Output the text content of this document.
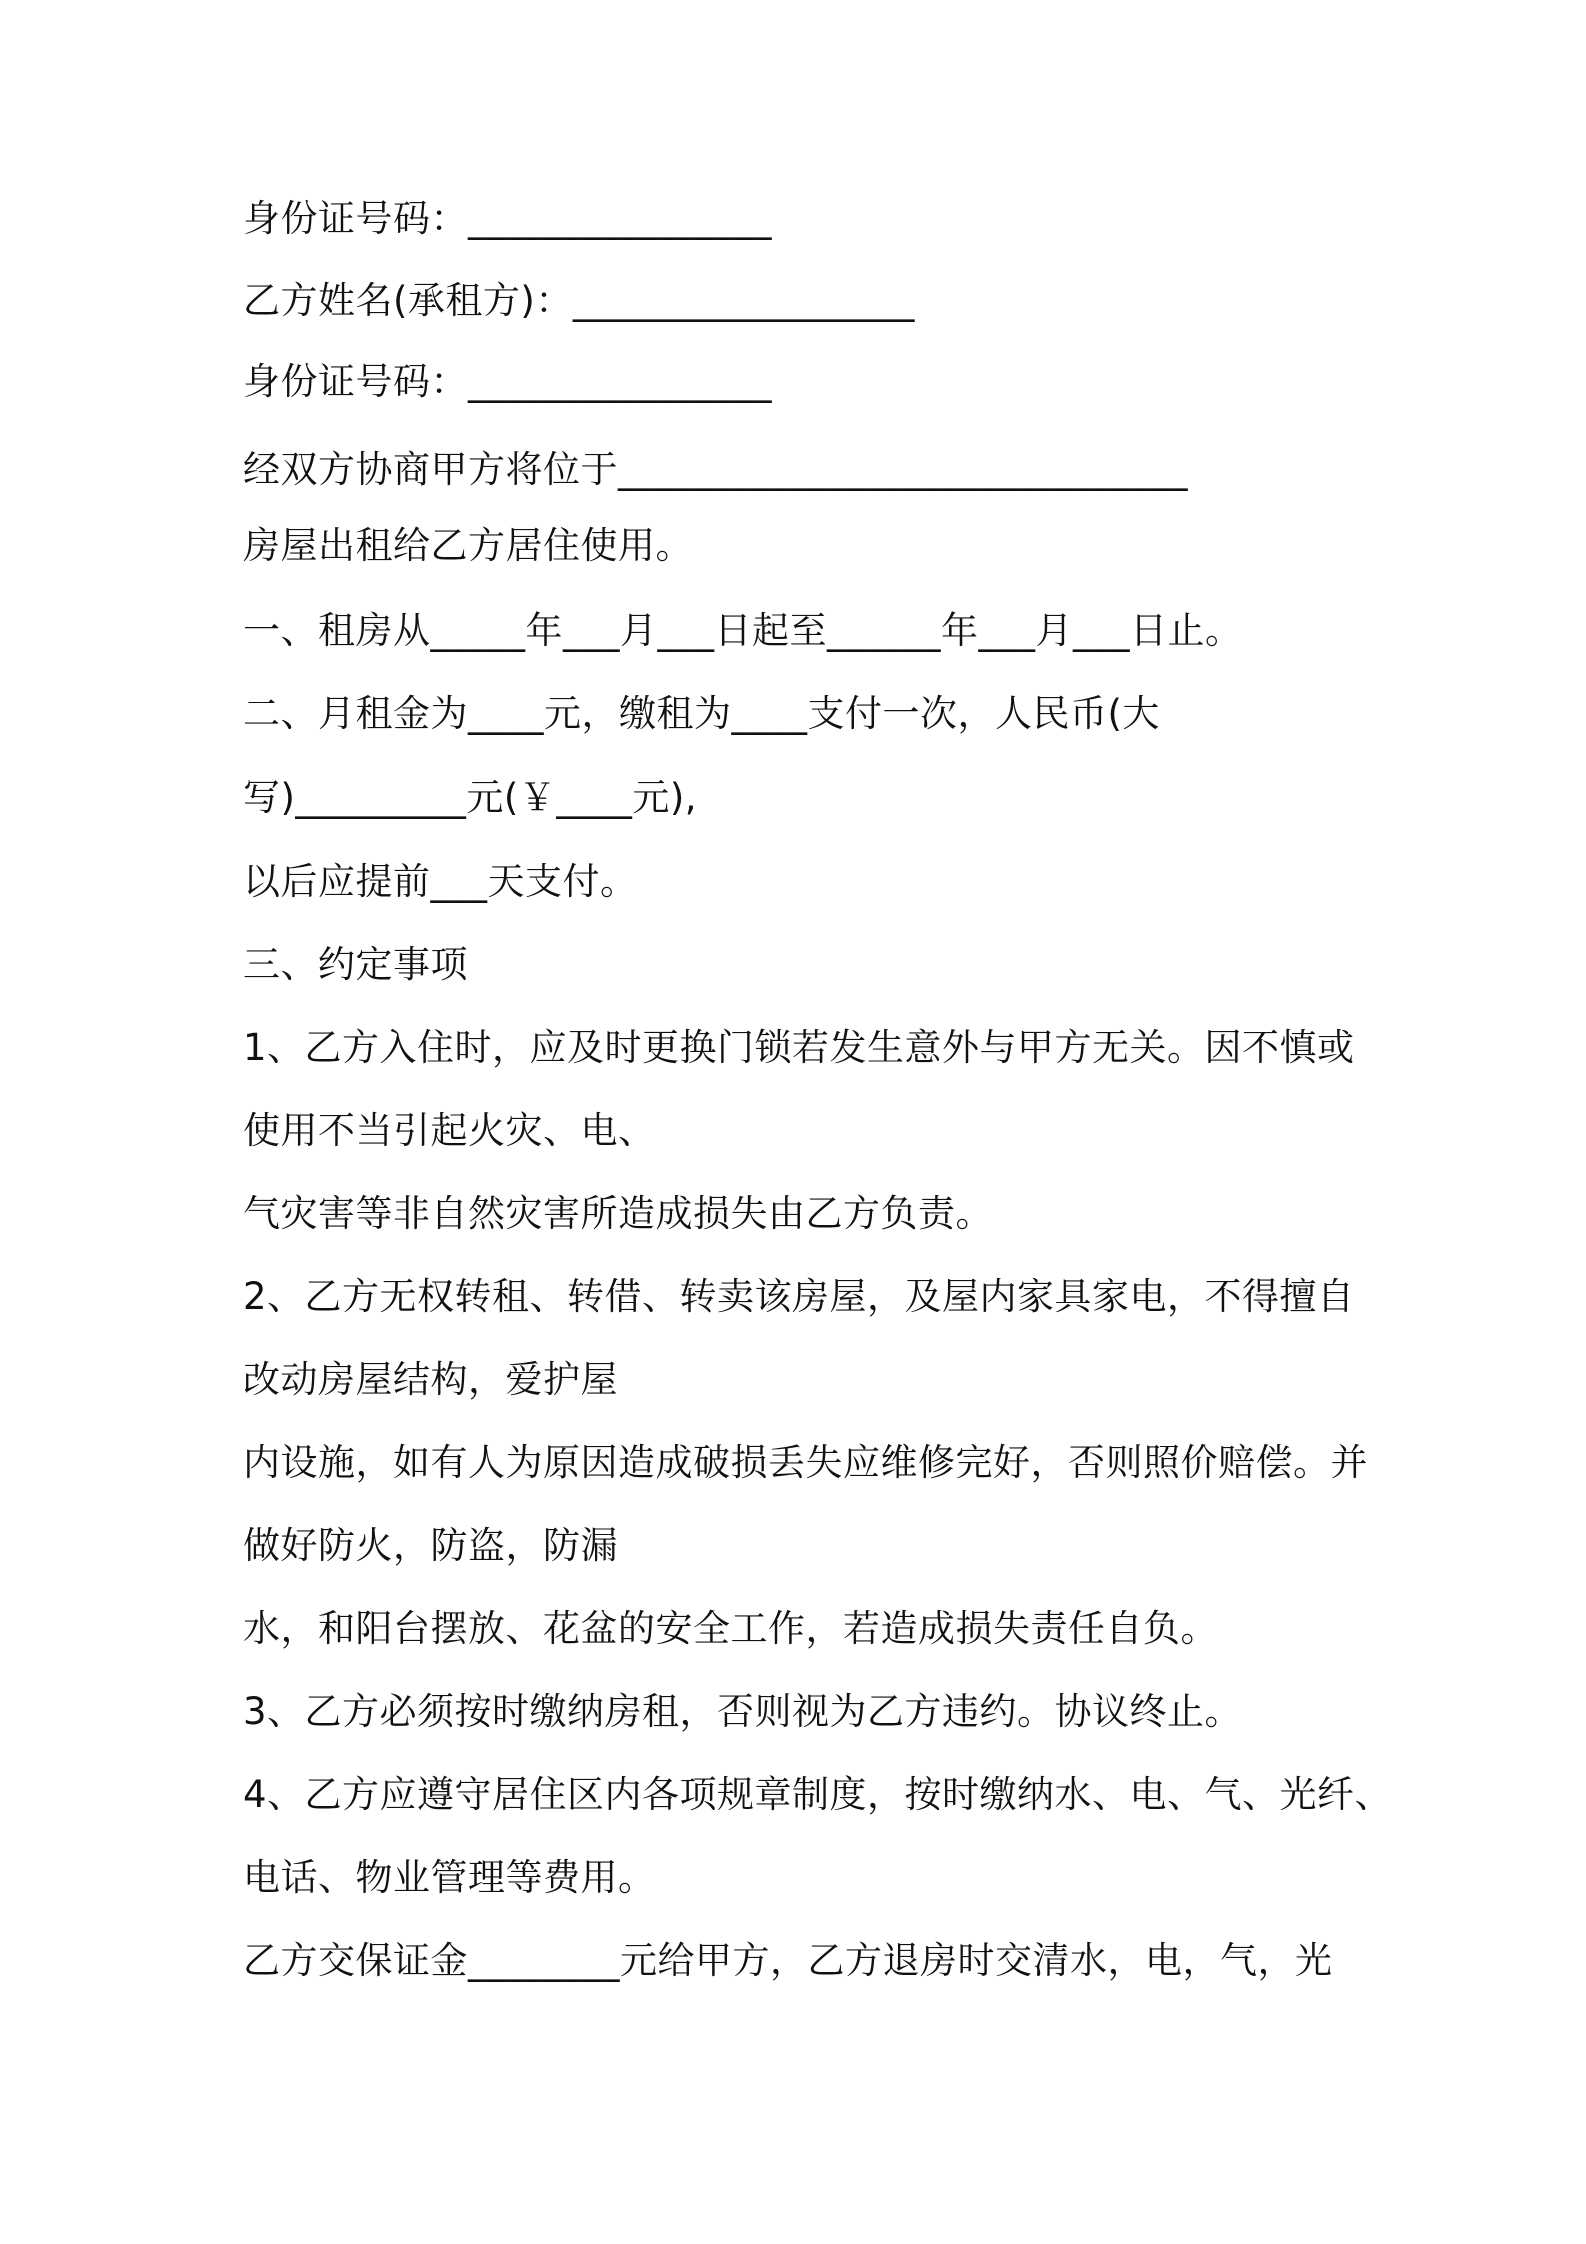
身份证号码：________________
乙方姓名(承租方)：__________________
身份证号码：________________
经双方协商甲方将位于______________________________
房屋出租给乙方居住使用。
一、租房从_____年___月___日起至______年___月___日止。
二、月租金为____元，缴租为____支付一次，人民币(大
写)_________元(￥____元),
以后应提前___天支付。
三、约定事项
1、乙方入住时，应及时更换门锁若发生意外与甲方无关。因不慎或
使用不当引起火灾、电、
气灾害等非自然灾害所造成损失由乙方负责。
2、乙方无权转租、转借、转卖该房屋，及屋内家具家电，不得擅自
改动房屋结构，爱护屋
内设施，如有人为原因造成破损丢失应维修完好，否则照价赔偿。并
做好防火，防盗，防漏
水，和阳台摆放、花盆的安全工作，若造成损失责任自负。
3、乙方必须按时缴纳房租，否则视为乙方违约。协议终止。
4、乙方应遵守居住区内各项规章制度，按时缴纳水、电、气、光纤、
电话、物业管理等费用。
乙方交保证金________元给甲方，乙方退房时交清水，电，气，光
